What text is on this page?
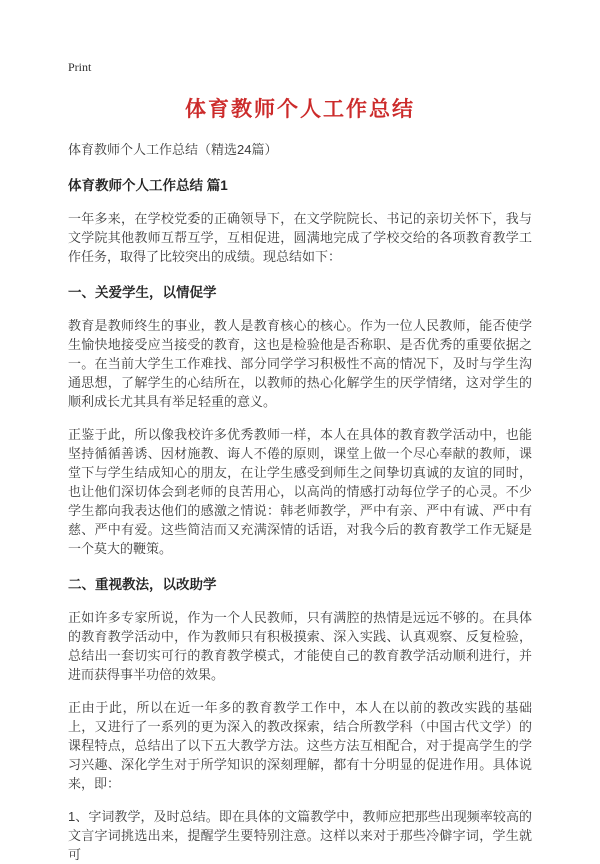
Print
体育教师个人工作总结

体育教师个人工作总结（精选24篇）

体育教师个人工作总结 篇1

一年多来，在学校党委的正确领导下，在文学院院长、书记的亲切关怀下，我与文学院其他教师互帮互学，互相促进，圆满地完成了学校交给的各项教育教学工作任务，取得了比较突出的成绩。现总结如下：

一、关爱学生，以情促学

教育是教师终生的事业，教人是教育核心的核心。作为一位人民教师，能否使学生愉快地接受应当接受的教育，这也是检验他是否称职、是否优秀的重要依据之一。在当前大学生工作难找、部分同学学习积极性不高的情况下，及时与学生沟通思想，了解学生的心结所在，以教师的热心化解学生的厌学情绪，这对学生的顺利成长尤其具有举足轻重的意义。

正鉴于此，所以像我校许多优秀教师一样，本人在具体的教育教学活动中，也能坚持循循善诱、因材施教、诲人不倦的原则，课堂上做一个尽心奉献的教师，课堂下与学生结成知心的朋友，在让学生感受到师生之间挚切真诚的友谊的同时，也让他们深切体会到老师的良苦用心，以高尚的情感打动每位学子的心灵。不少学生都向我表达他们的感激之情说：韩老师教学，严中有亲、严中有诚、严中有慈、严中有爱。这些简洁而又充满深情的话语，对我今后的教育教学工作无疑是一个莫大的鞭策。

二、重视教法，以改助学

正如许多专家所说，作为一个人民教师，只有满腔的热情是远远不够的。在具体的教育教学活动中，作为教师只有积极摸索、深入实践、认真观察、反复检验，总结出一套切实可行的教育教学模式，才能使自己的教育教学活动顺利进行，并进而获得事半功倍的效果。

正由于此，所以在近一年多的教育教学工作中，本人在以前的教改实践的基础上，又进行了一系列的更为深入的教改探索，结合所教学科（中国古代文学）的课程特点，总结出了以下五大教学方法。这些方法互相配合，对于提高学生的学习兴趣、深化学生对于所学知识的深刻理解，都有十分明显的促进作用。具体说来，即：

1、字词教学，及时总结。即在具体的文篇教学中，教师应把那些出现频率较高的文言字词挑选出来，提醒学生要特别注意。这样以来对于那些冷僻字词，学生就可
